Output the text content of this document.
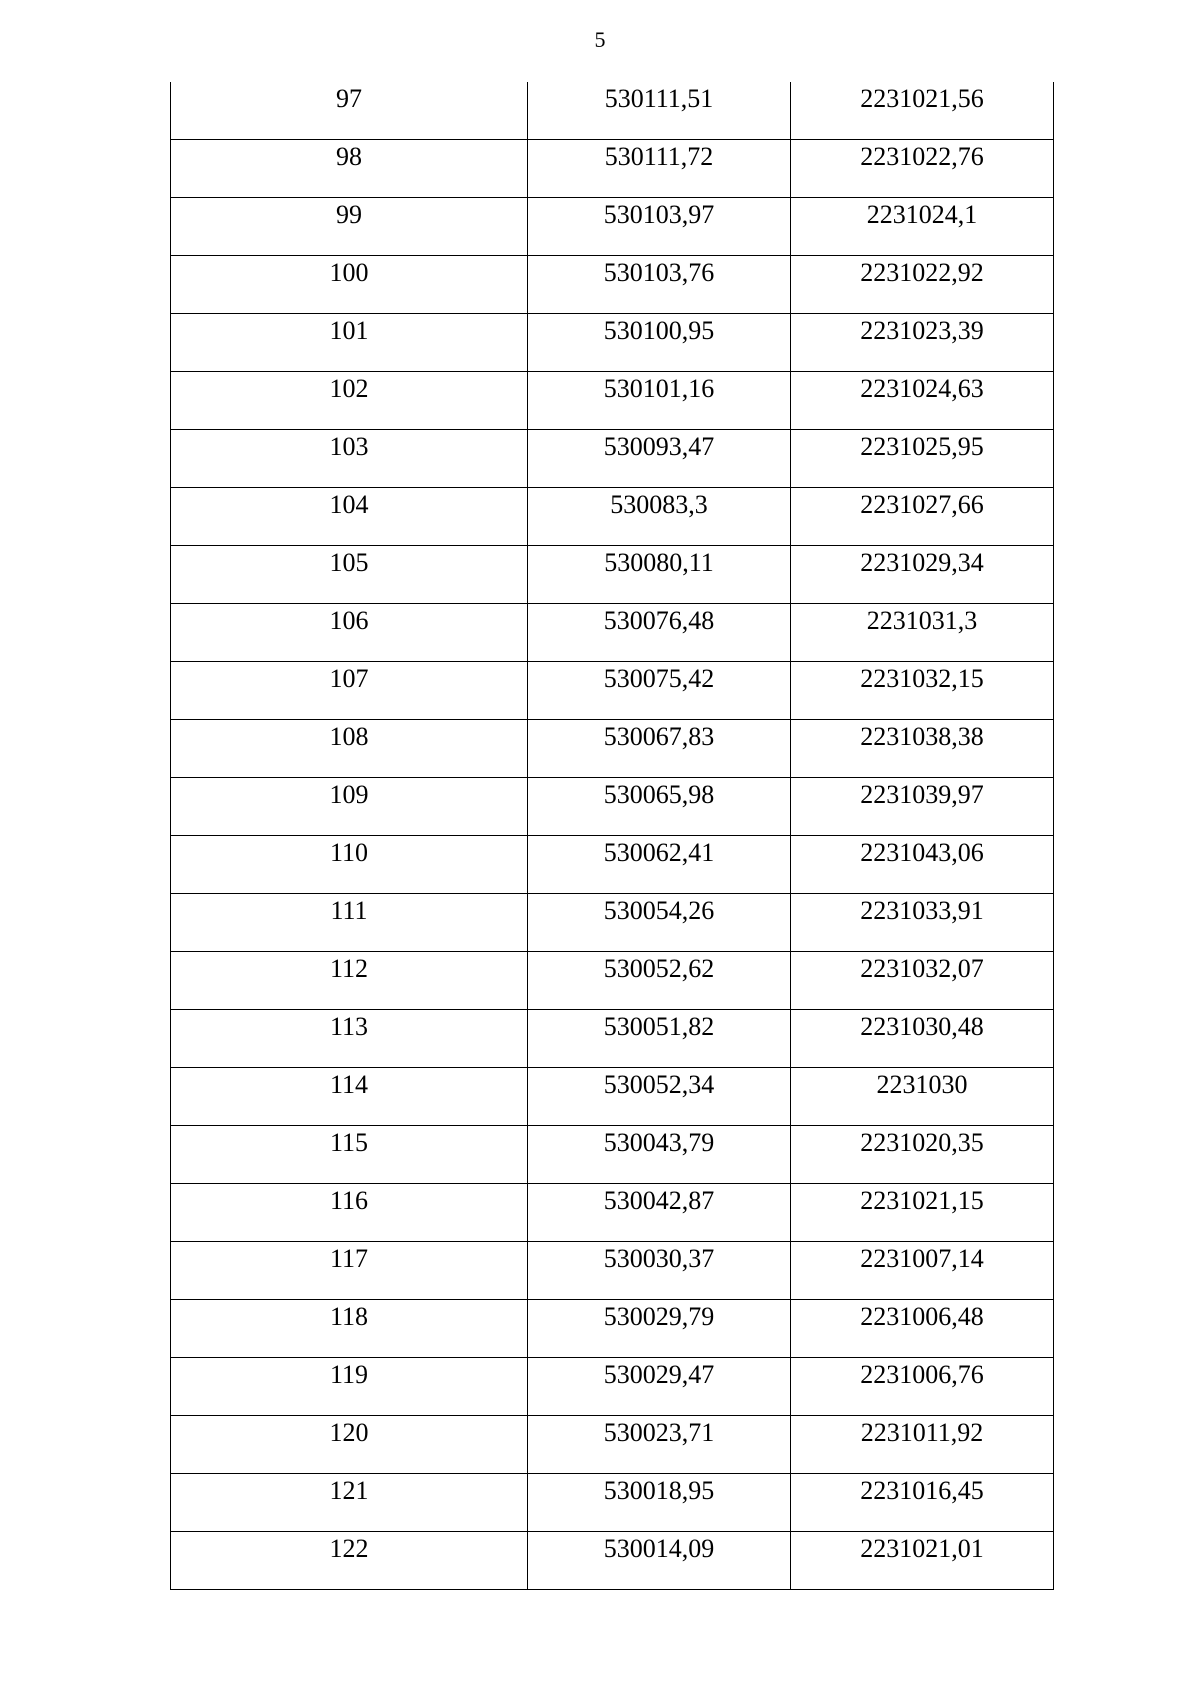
5
97	530111,51	2231021,56
98	530111,72	2231022,76
99	530103,97	2231024,1
100	530103,76	2231022,92
101	530100,95	2231023,39
102	530101,16	2231024,63
103	530093,47	2231025,95
104	530083,3	2231027,66
105	530080,11	2231029,34
106	530076,48	2231031,3
107	530075,42	2231032,15
108	530067,83	2231038,38
109	530065,98	2231039,97
110	530062,41	2231043,06
111	530054,26	2231033,91
112	530052,62	2231032,07
113	530051,82	2231030,48
114	530052,34	2231030
115	530043,79	2231020,35
116	530042,87	2231021,15
117	530030,37	2231007,14
118	530029,79	2231006,48
119	530029,47	2231006,76
120	530023,71	2231011,92
121	530018,95	2231016,45
122	530014,09	2231021,01
